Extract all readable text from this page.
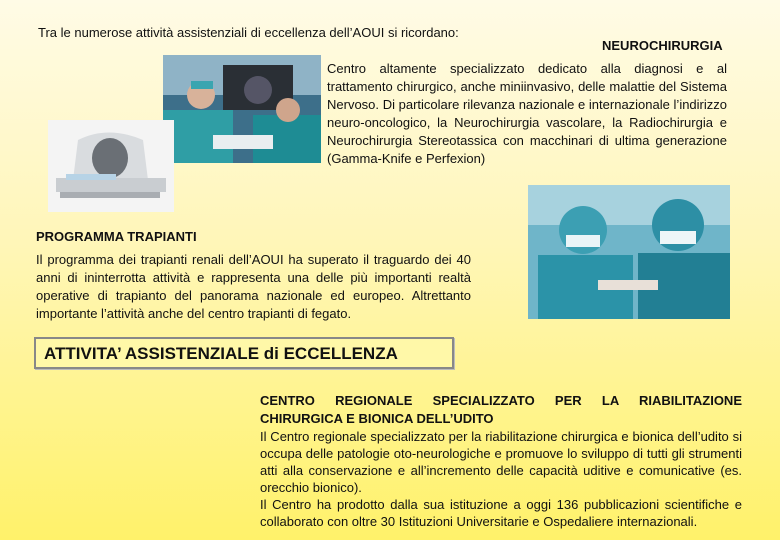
Tra le numerose attività assistenziali di eccellenza dell’AOUI si ricordano:
NEUROCHIRURGIA
Centro altamente specializzato dedicato alla diagnosi e al trattamento chirurgico, anche miniinvasivo, delle malattie del Sistema Nervoso. Di particolare rilevanza nazionale e internazionale l’indirizzo neuro-oncologico, la Neurochirurgia vascolare, la Radiochirurgia e Neurochirurgia Stereotassica con macchinari di ultima generazione (Gamma-Knife e Perfexion)
PROGRAMMA TRAPIANTI
Il programma dei trapianti renali dell’AOUI ha superato il traguardo dei 40 anni di ininterrotta attività e rappresenta una delle più importanti realtà operative di trapianto del panorama nazionale ed europeo. Altrettanto importante l’attività anche del centro trapianti di fegato.
ATTIVITA’ ASSISTENZIALE di ECCELLENZA
CENTRO REGIONALE SPECIALIZZATO PER LA RIABILITAZIONE CHIRURGICA E BIONICA DELL’UDITO
Il Centro regionale specializzato per la riabilitazione chirurgica e bionica dell’udito si occupa delle patologie oto-neurologiche e promuove lo sviluppo di tutti gli strumenti atti alla conservazione e all’incremento delle capacità uditive e comunicative (es. orecchio bionico).
Il Centro ha prodotto dalla sua istituzione a oggi 136 pubblicazioni scientifiche e collaborato con oltre 30 Istituzioni Universitarie e Ospedaliere internazionali.
